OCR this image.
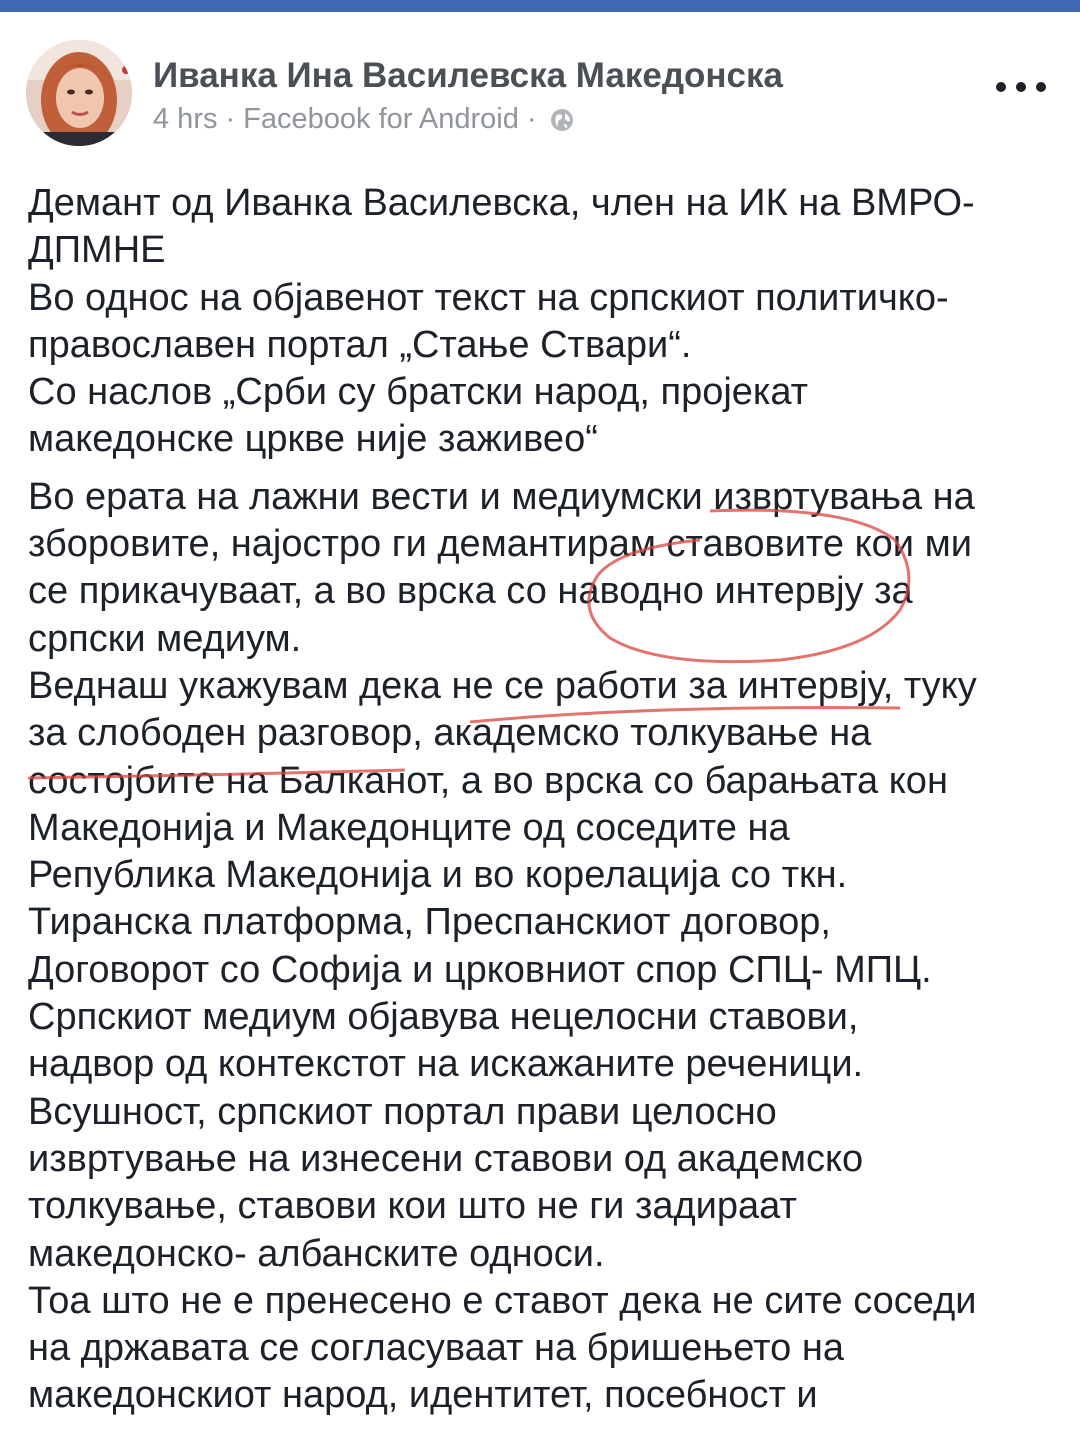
Иванка Ина Василевска Македонска
4 hrs · Facebook for Android ·
Демант од Иванка Василевска, член на ИК на ВМРО-
ДПМНЕ
Во однос на објавенот текст на српскиот политичко-
православен портал „Стање Ствари“.
Со наслов „Срби су братски народ, пројекат
македонске цркве није заживео“
Во ерата на лажни вести и медиумски извртувања на
зборовите, најостро ги демантирам ставовите кои ми
се прикачуваат, а во врска со наводно интервју за
српски медиум.
Веднаш укажувам дека не се работи за интервју, туку
за слободен разговор, академско толкување на
состојбите на Балканот, а во врска со барањата кон
Македонија и Македонците од соседите на
Република Македонија и во корелација со ткн.
Тиранска платформа, Преспанскиот договор,
Договорот со Софија и црковниот спор СПЦ- МПЦ.
Српскиот медиум објавува нецелосни ставови,
надвор од контекстот на искажаните реченици.
Всушност, српскиот портал прави целосно
извртување на изнесени ставови од академско
толкување, ставови кои што не ги задираат
македонско- албанските односи.
Тоа што не е пренесено е ставот дека не сите соседи
на државата се согласуваат на бришењето на
македонскиот народ, идентитет, посебност и
